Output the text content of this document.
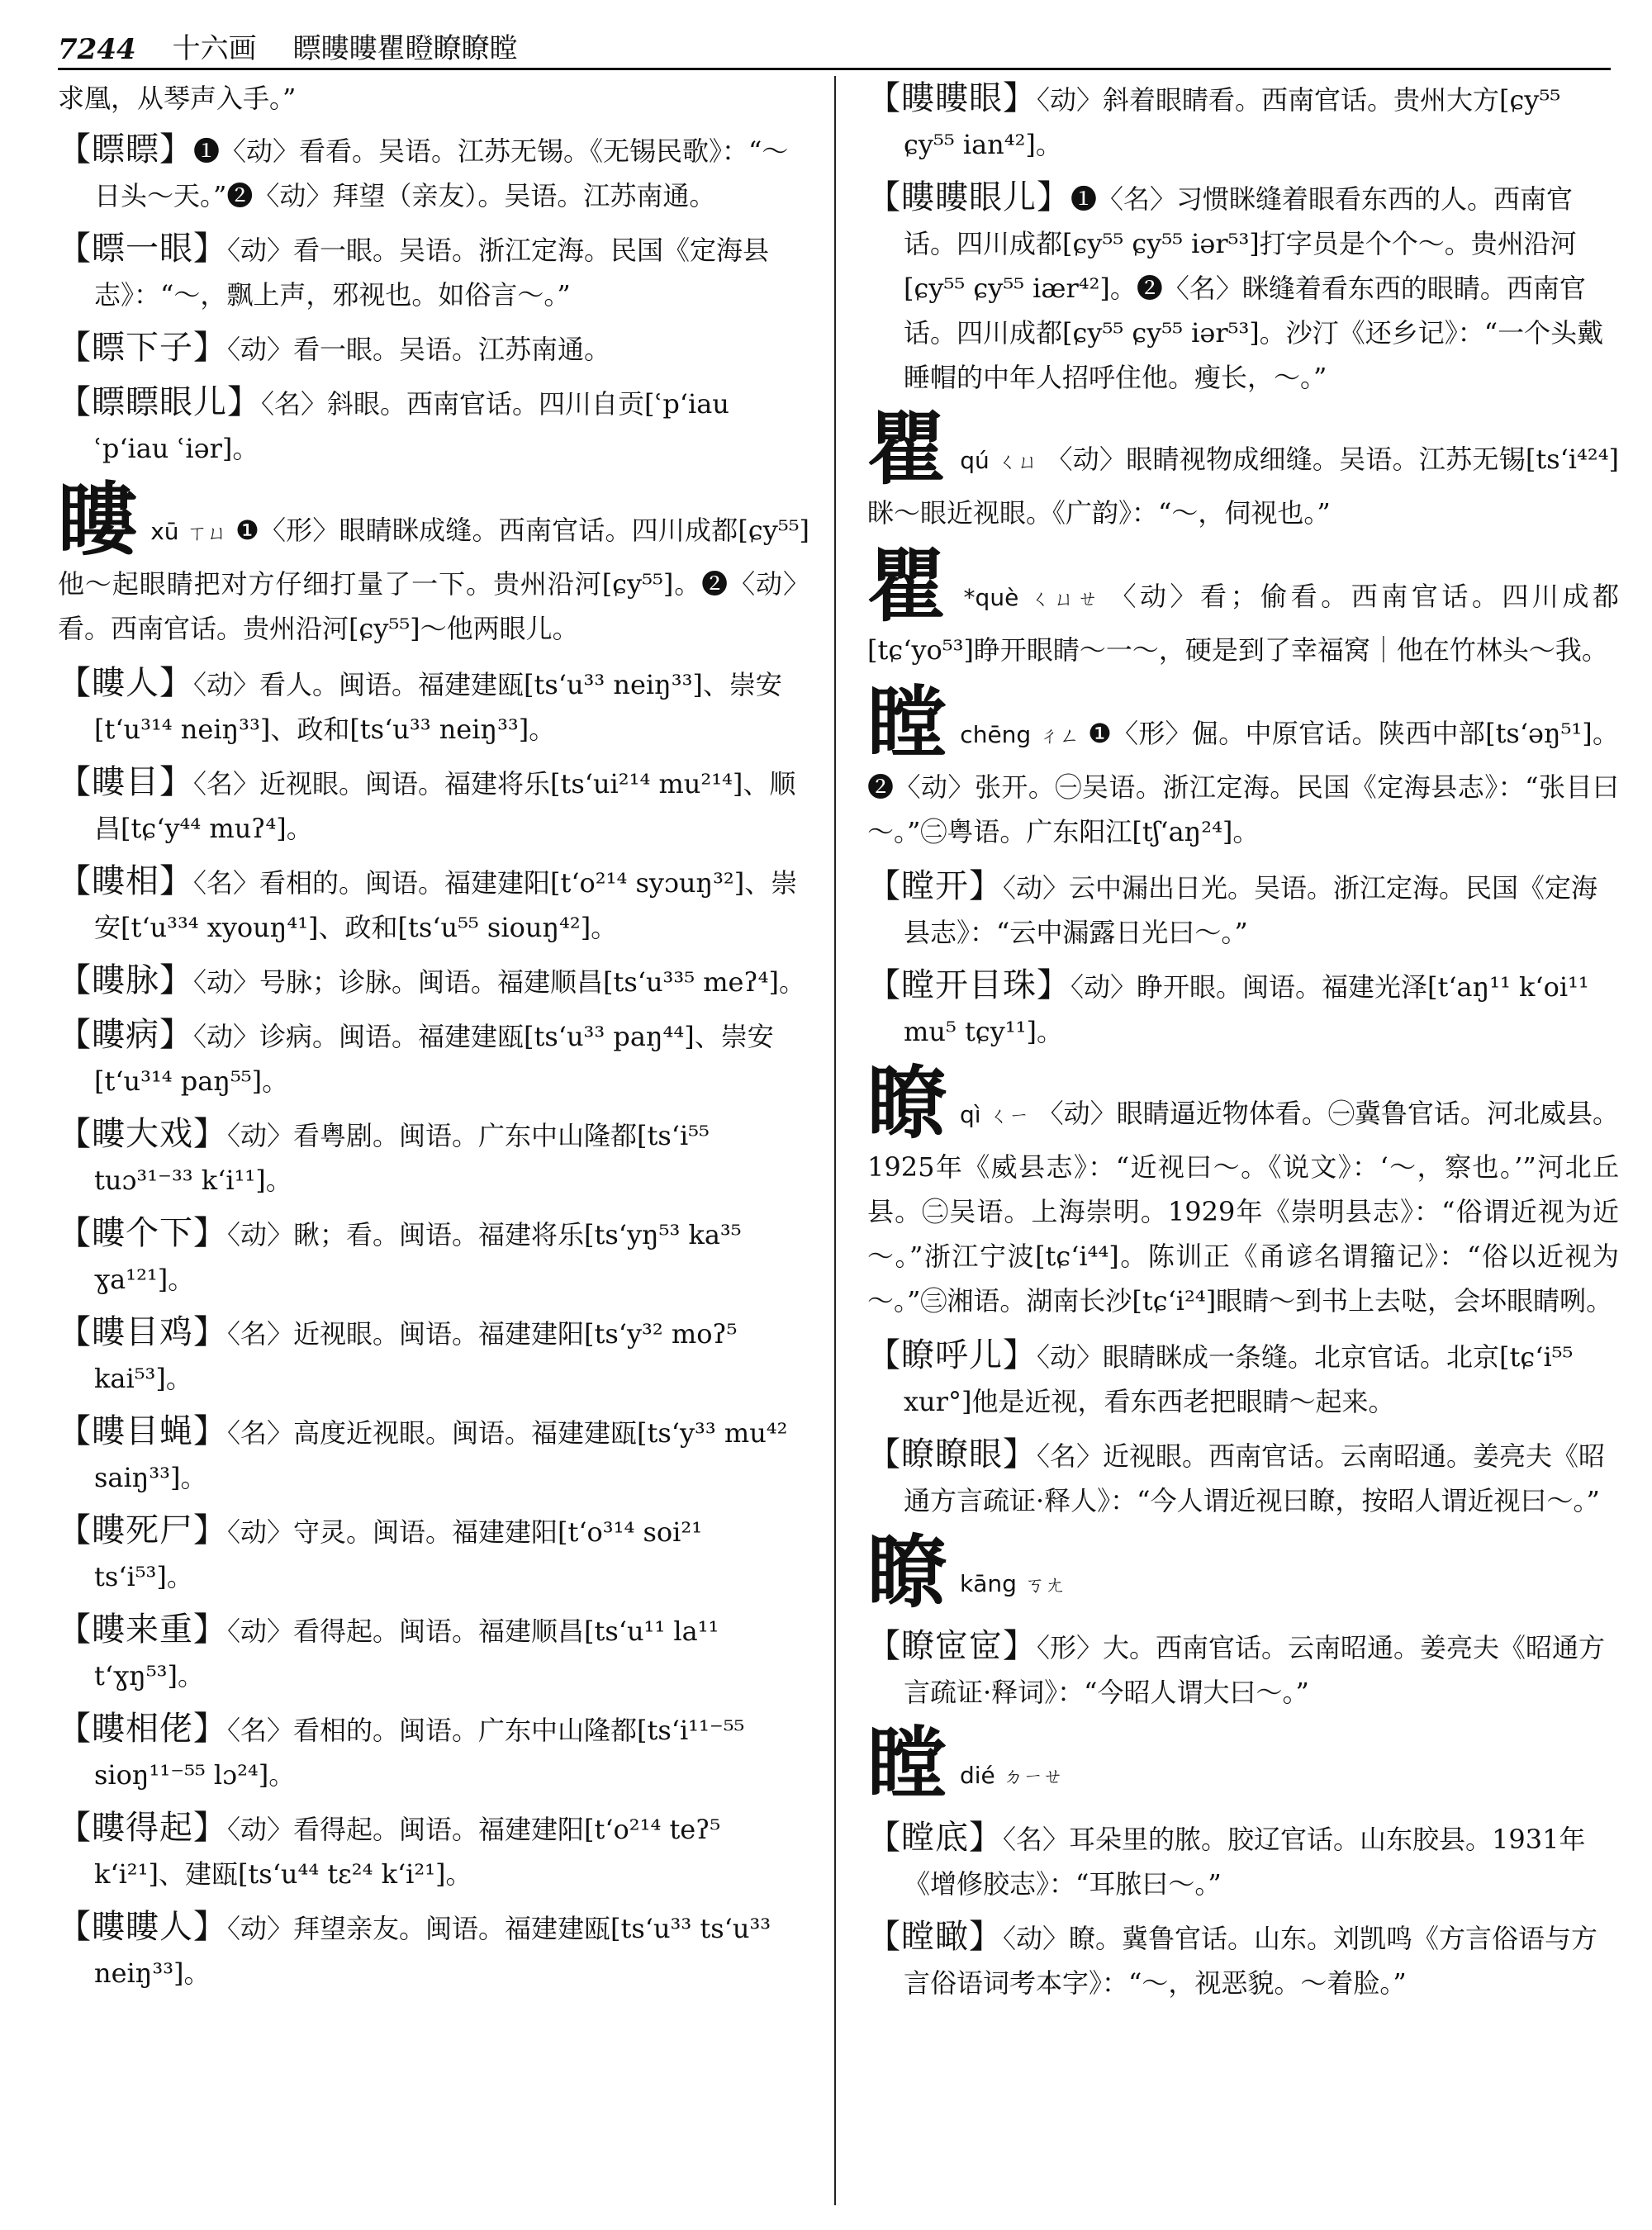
7244 十六画 瞟瞜瞜瞿瞪瞭瞭瞠
求凰，从琴声入手。”
【瞟瞟】❶〈动〉看看。吴语。江苏无锡。《无锡民歌》：“～日头～天。”❷〈动〉拜望（亲友）。吴语。江苏南通。
【瞟一眼】〈动〉看一眼。吴语。浙江定海。民国《定海县志》：“～，飘上声，邪视也。如俗言～。”
【瞟下子】〈动〉看一眼。吴语。江苏南通。
【瞟瞟眼儿】〈名〉斜眼。西南官话。四川自贡[ʿpʻiau ʿpʻiau ʿiər]。
瞜xū ㄒㄩ ❶〈形〉眼睛眯成缝。西南官话。四川成都[ɕy⁵⁵]他～起眼睛把对方仔细打量了一下。贵州沿河[ɕy⁵⁵]。❷〈动〉看。西南官话。贵州沿河[ɕy⁵⁵]～他两眼儿。
【瞜人】〈动〉看人。闽语。福建建瓯[tsʻu³³ neiŋ³³]、崇安[tʻu³¹⁴ neiŋ³³]、政和[tsʻu³³ neiŋ³³]。
【瞜目】〈名〉近视眼。闽语。福建将乐[tsʻui²¹⁴ mu²¹⁴]、顺昌[tɕʻy⁴⁴ muʔ⁴]。
【瞜相】〈名〉看相的。闽语。福建建阳[tʻo²¹⁴ syɔuŋ³²]、崇安[tʻu³³⁴ xyouŋ⁴¹]、政和[tsʻu⁵⁵ siouŋ⁴²]。
【瞜脉】〈动〉号脉；诊脉。闽语。福建顺昌[tsʻu³³⁵ meʔ⁴]。
【瞜病】〈动〉诊病。闽语。福建建瓯[tsʻu³³ paŋ⁴⁴]、崇安[tʻu³¹⁴ paŋ⁵⁵]。
【瞜大戏】〈动〉看粤剧。闽语。广东中山隆都[tsʻi⁵⁵ tuɔ³¹⁻³³ kʻi¹¹]。
【瞜个下】〈动〉瞅；看。闽语。福建将乐[tsʻyŋ⁵³ ka³⁵ ɣa¹²¹]。
【瞜目鸡】〈名〉近视眼。闽语。福建建阳[tsʻy³² moʔ⁵ kai⁵³]。
【瞜目蝇】〈名〉高度近视眼。闽语。福建建瓯[tsʻy³³ mu⁴² saiŋ³³]。
【瞜死尸】〈动〉守灵。闽语。福建建阳[tʻo³¹⁴ soi²¹ tsʻi⁵³]。
【瞜来重】〈动〉看得起。闽语。福建顺昌[tsʻu¹¹ la¹¹ tʻɣŋ⁵³]。
【瞜相佬】〈名〉看相的。闽语。广东中山隆都[tsʻi¹¹⁻⁵⁵ sioŋ¹¹⁻⁵⁵ lɔ²⁴]。
【瞜得起】〈动〉看得起。闽语。福建建阳[tʻo²¹⁴ teʔ⁵ kʻi²¹]、建瓯[tsʻu⁴⁴ tɛ²⁴ kʻi²¹]。
【瞜瞜人】〈动〉拜望亲友。闽语。福建建瓯[tsʻu³³ tsʻu³³ neiŋ³³]。
【瞜瞜眼】〈动〉斜着眼睛看。西南官话。贵州大方[ɕy⁵⁵ ɕy⁵⁵ ian⁴²]。
【瞜瞜眼儿】❶〈名〉习惯眯缝着眼看东西的人。西南官话。四川成都[ɕy⁵⁵ ɕy⁵⁵ iər⁵³]打字员是个个～。贵州沿河[ɕy⁵⁵ ɕy⁵⁵ iær⁴²]。❷〈名〉眯缝着看东西的眼睛。西南官话。四川成都[ɕy⁵⁵ ɕy⁵⁵ iər⁵³]。沙汀《还乡记》：“一个头戴睡帽的中年人招呼住他。瘦长，～。”
瞿qú ㄑㄩ 〈动〉眼睛视物成细缝。吴语。江苏无锡[tsʻi⁴²⁴]眯～眼近视眼。《广韵》：“～，伺视也。”
瞿 *què ㄑㄩㄝ 〈动〉看；偷看。西南官话。四川成都[tɕʻyo⁵³]睁开眼睛～一～，硬是到了幸福窝｜他在竹林头～我。
瞠chēng ㄔㄥ ❶〈形〉倔。中原官话。陕西中部[tsʻəŋ⁵¹]。❷〈动〉张开。㊀吴语。浙江定海。民国《定海县志》：“张目曰～。”㊁粤语。广东阳江[tʃʻaŋ²⁴]。
【瞠开】〈动〉云中漏出日光。吴语。浙江定海。民国《定海县志》：“云中漏露日光曰～。”
【瞠开目珠】〈动〉睁开眼。闽语。福建光泽[tʻaŋ¹¹ kʻoi¹¹ mu⁵ tɕy¹¹]。
瞭qì ㄑㄧ 〈动〉眼睛逼近物体看。㊀冀鲁官话。河北威县。1925年《威县志》：“近视曰～。《说文》：‘～，察也。’”河北丘县。㊁吴语。上海崇明。1929年《崇明县志》：“俗谓近视为近～。”浙江宁波[tɕʻi⁴⁴]。陈训正《甬谚名谓籀记》：“俗以近视为～。”㊂湘语。湖南长沙[tɕʻi²⁴]眼睛～到书上去哒，会坏眼睛咧。
【瞭呼儿】〈动〉眼睛眯成一条缝。北京官话。北京[tɕʻi⁵⁵ xur°]他是近视，看东西老把眼睛～起来。
【瞭瞭眼】〈名〉近视眼。西南官话。云南昭通。姜亮夫《昭通方言疏证·释人》：“今人谓近视曰瞭，按昭人谓近视曰～。”
瞭kāng ㄎㄤ
【瞭宧宧】〈形〉大。西南官话。云南昭通。姜亮夫《昭通方言疏证·释词》：“今昭人谓大曰～。”
瞠dié ㄉㄧㄝ
【瞠底】〈名〉耳朵里的脓。胶辽官话。山东胶县。1931年《增修胶志》：“耳脓曰～。”
【瞠瞰】〈动〉瞭。冀鲁官话。山东。刘凯鸣《方言俗语与方言俗语词考本字》：“～，视恶貌。～着脸。”
